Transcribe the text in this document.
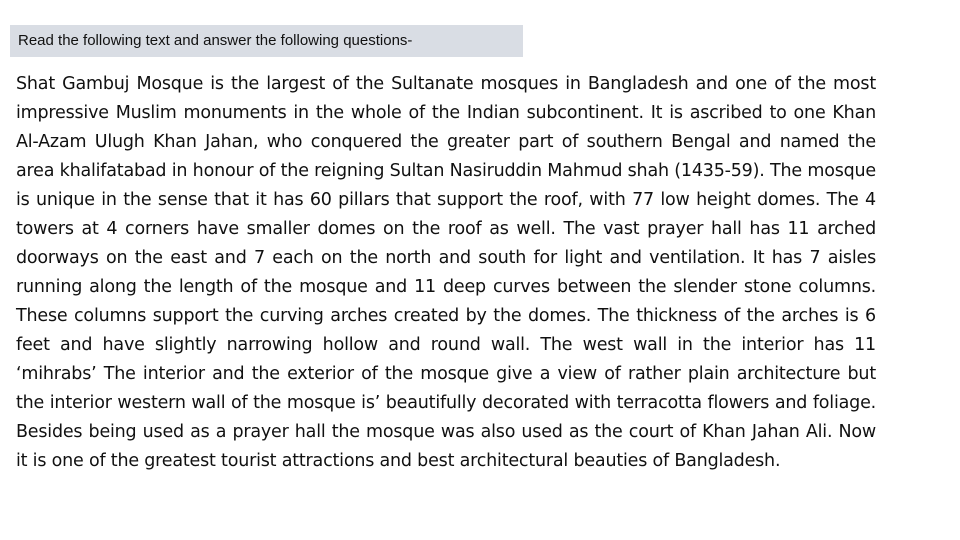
Read the following text and answer the following questions-

Shat Gambuj Mosque is the largest of the Sultanate mosques in Bangladesh and one of the most impressive Muslim monuments in the whole of the Indian subcontinent. It is ascribed to one Khan Al-Azam Ulugh Khan Jahan, who conquered the greater part of southern Bengal and named the area khalifatabad in honour of the reigning Sultan Nasiruddin Mahmud shah (1435-59). The mosque is unique in the sense that it has 60 pillars that support the roof, with 77 low height domes. The 4 towers at 4 corners have smaller domes on the roof as well. The vast prayer hall has 11 arched doorways on the east and 7 each on the north and south for light and ventilation. It has 7 aisles running along the length of the mosque and 11 deep curves between the slender stone columns. These columns support the curving arches created by the domes. The thickness of the arches is 6 feet and have slightly narrowing hollow and round wall. The west wall in the interior has 11 ‘mihrabs’ The interior and the exterior of the mosque give a view of rather plain architecture but the interior western wall of the mosque is’ beautifully decorated with terracotta flowers and foliage. Besides being used as a prayer hall the mosque was also used as the court of Khan Jahan Ali. Now it is one of the greatest tourist attractions and best architectural beauties of Bangladesh.
